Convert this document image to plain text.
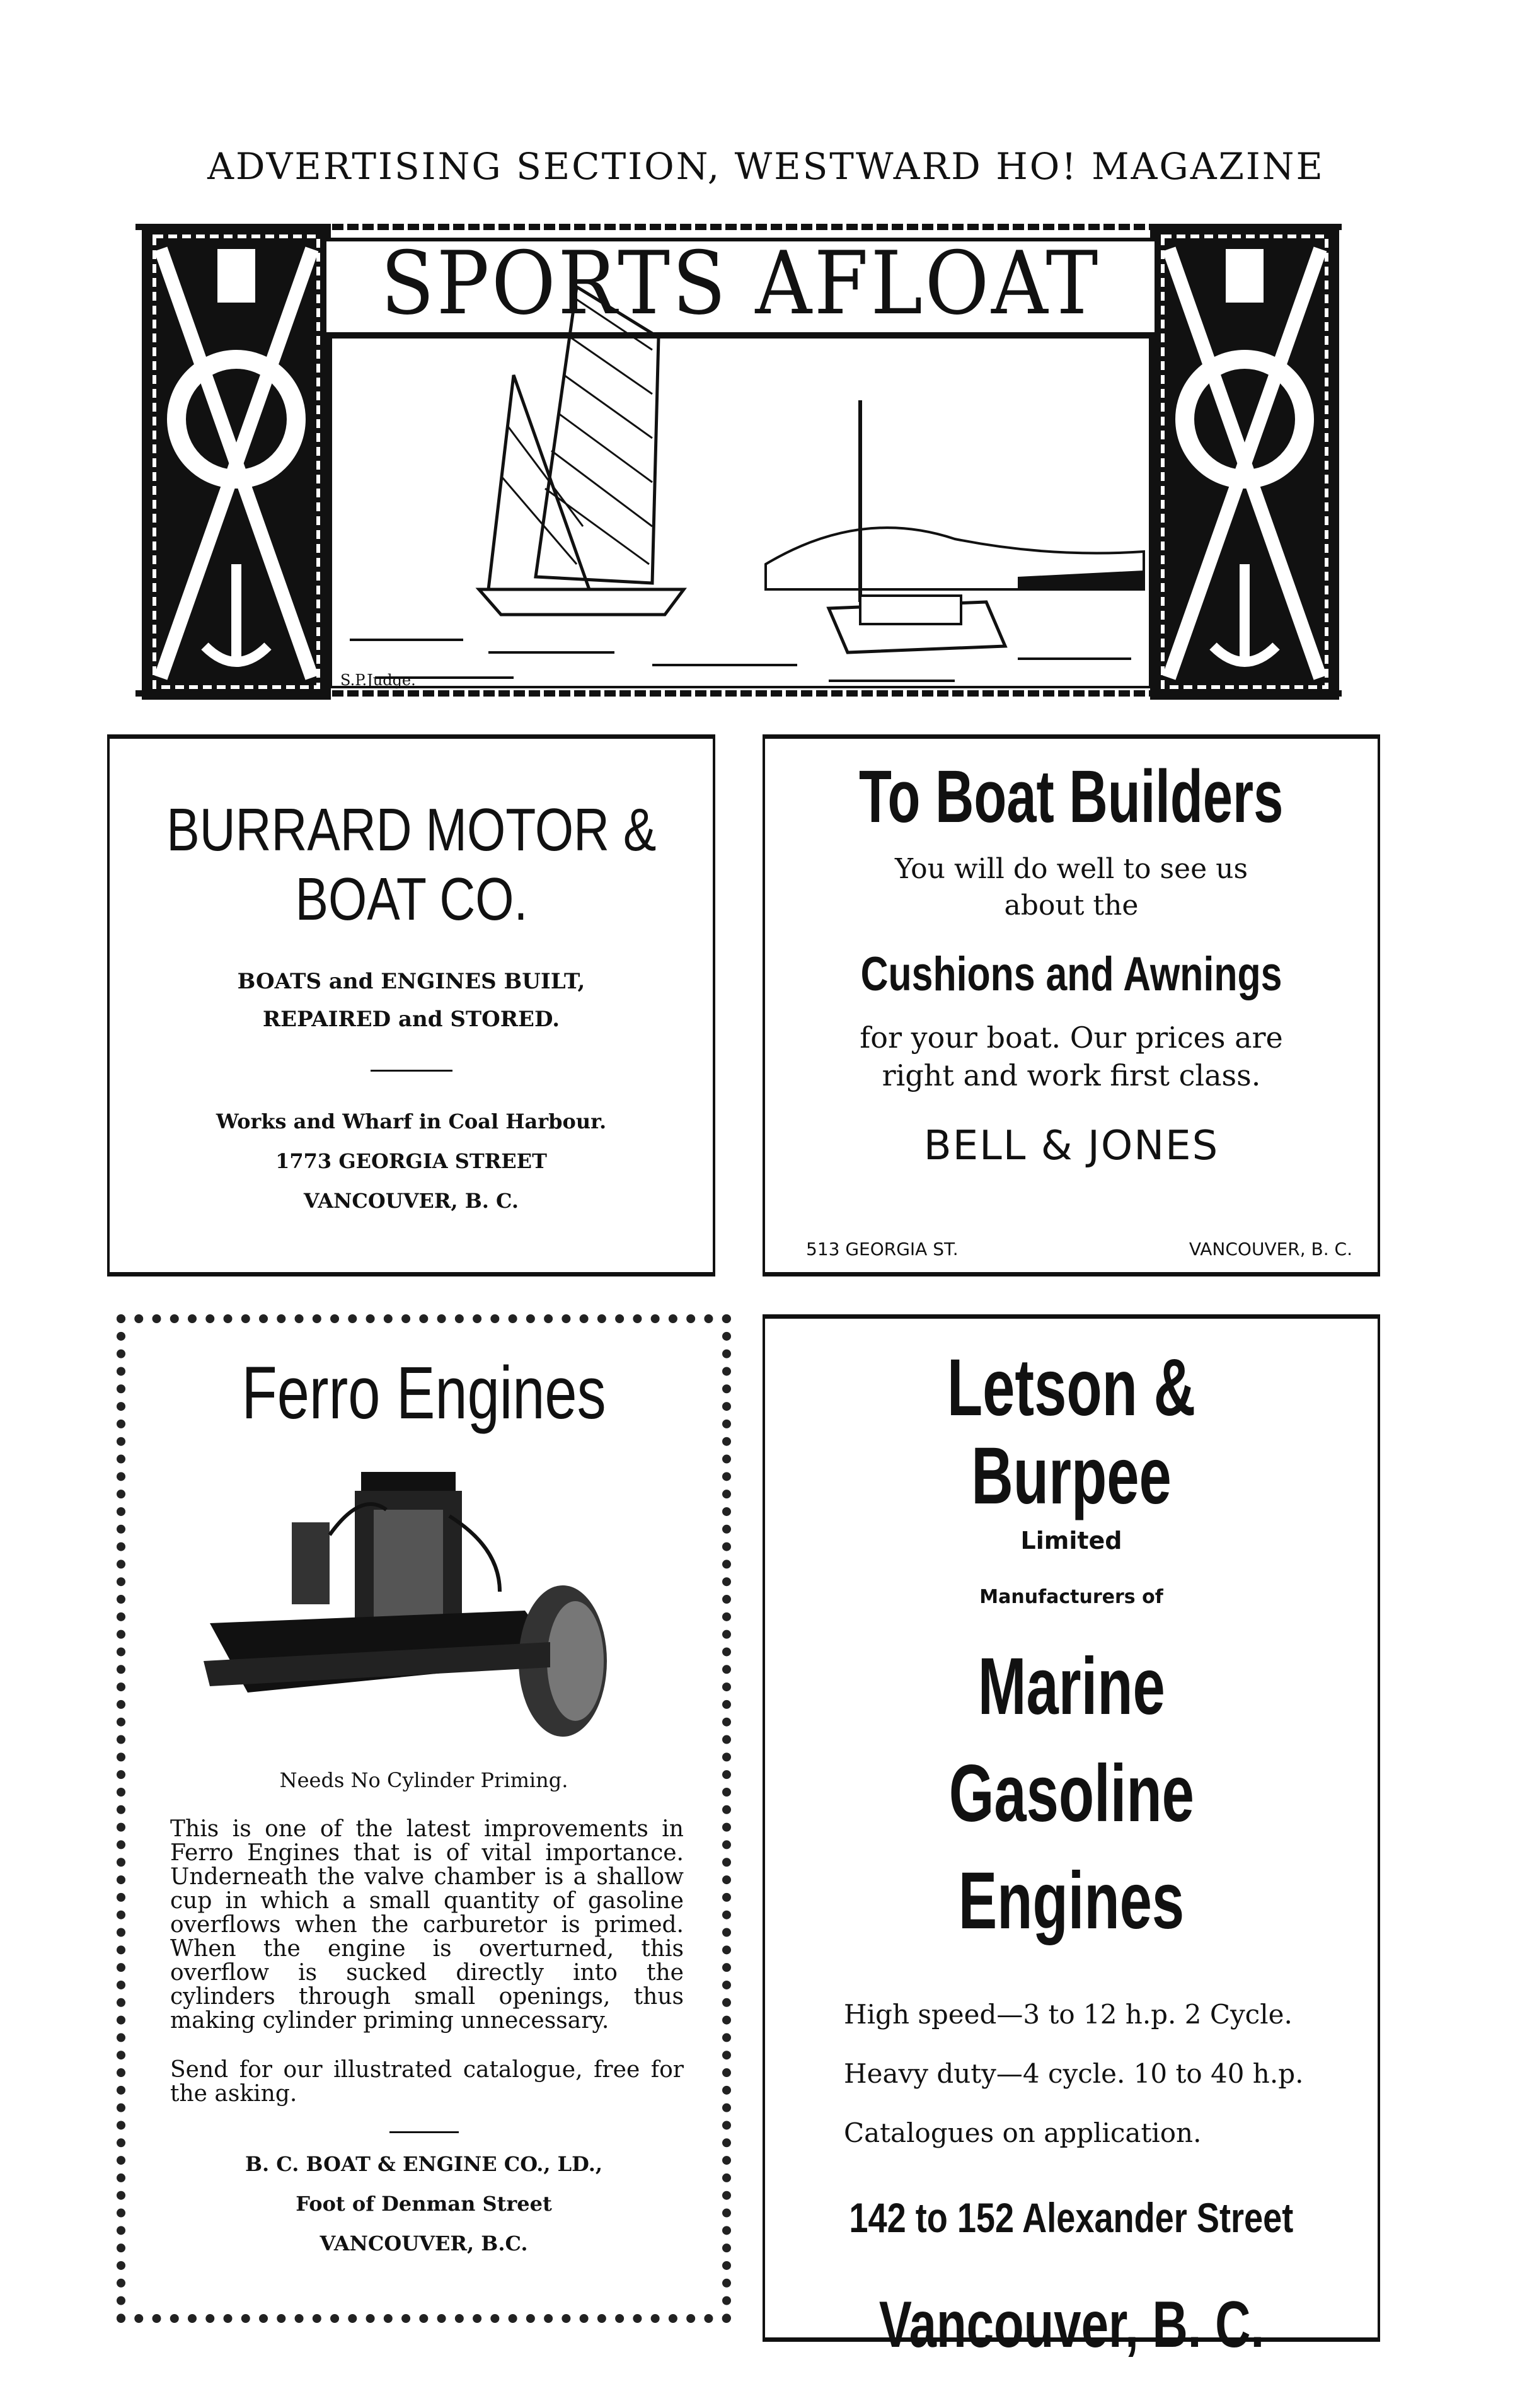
ADVERTISING SECTION, WESTWARD HO! MAGAZINE
SPORTS AFLOAT
S.P.Judge.
BURRARD MOTOR &
BOAT CO.

BOATS and ENGINES BUILT,

REPAIRED and STORED.

Works and Wharf in Coal Harbour.

1773 GEORGIA STREET

VANCOUVER, B. C.

To Boat Builders

You will do well to see us about the

Cushions and Awnings

for your boat. Our prices are right and work first class.

BELL & JONES

513 GEORGIA ST.	VANCOUVER, B. C.
Ferro Engines

Needs No Cylinder Priming.

This is one of the latest improvements in Ferro Engines that is of vital importance. Underneath the valve chamber is a shallow cup in which a small quantity of gasoline overflows when the carburetor is primed. When the engine is overturned, this overflow is sucked directly into the cylinders through small openings, thus making cylinder priming unnecessary.

Send for our illustrated catalogue, free for the asking.

B. C. BOAT & ENGINE CO., LD.,

Foot of Denman Street

VANCOUVER, B.C.

Letson & Burpee

Limited

Manufacturers of

Marine
Gasoline
Engines

High speed—3 to 12 h.p. 2 Cycle.

Heavy duty—4 cycle. 10 to 40 h.p.

Catalogues on application.

142 to 152 Alexander Street
Vancouver, B. C.
